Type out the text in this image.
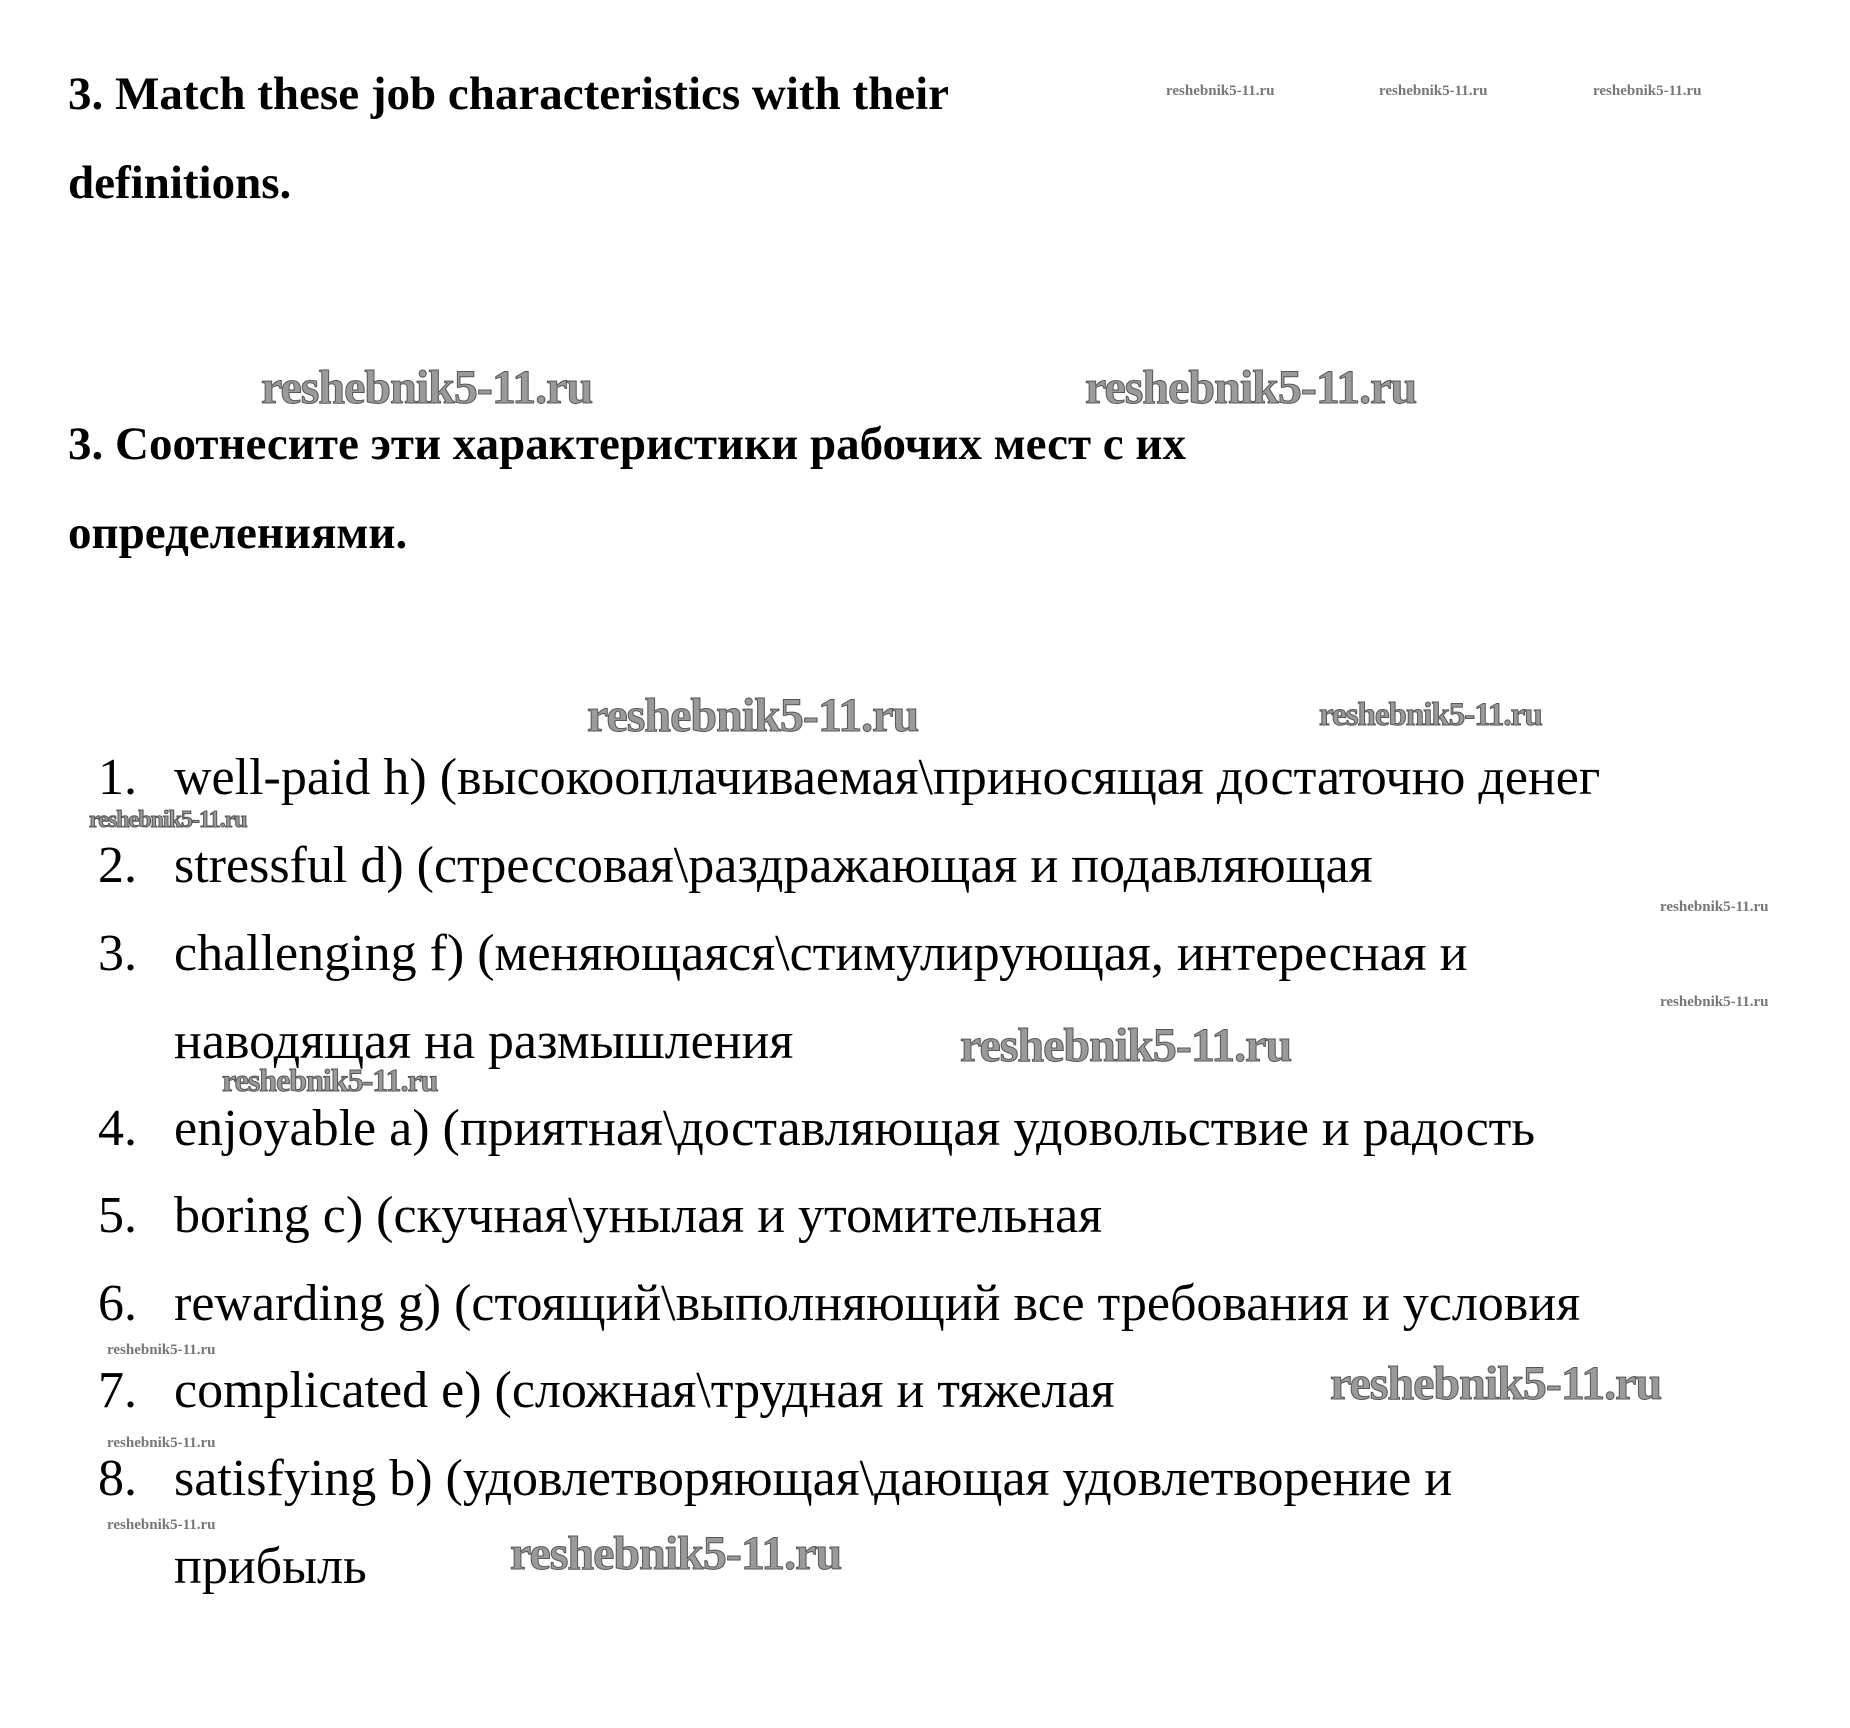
3. Match these job characteristics with their
definitions.
3. Соотнесите эти характеристики рабочих мест с их
определениями.
1. well-paid h) (высокооплачиваемая\приносящая достаточно денег
2. stressful d) (стрессовая\раздражающая и подавляющая
3. challenging f) (меняющаяся\стимулирующая, интересная и
наводящая на размышления
4. enjoyable a) (приятная\доставляющая удовольствие и радость
5. boring c) (скучная\унылая и утомительная
6. rewarding g) (стоящий\выполняющий все требования и условия
7. complicated e) (сложная\трудная и тяжелая
8. satisfying b) (удовлетворяющая\дающая удовлетворение и
прибыль
reshebnik5-11.ru	reshebnik5-11.ru	reshebnik5-11.ru
reshebnik5-11.ru	reshebnik5-11.ru
reshebnik5-11.ru	reshebnik5-11.ru
reshebnik5-11.ru
reshebnik5-11.ru
reshebnik5-11.ru
reshebnik5-11.ru
reshebnik5-11.ru
reshebnik5-11.ru
reshebnik5-11.ru
reshebnik5-11.ru
reshebnik5-11.ru
reshebnik5-11.ru
